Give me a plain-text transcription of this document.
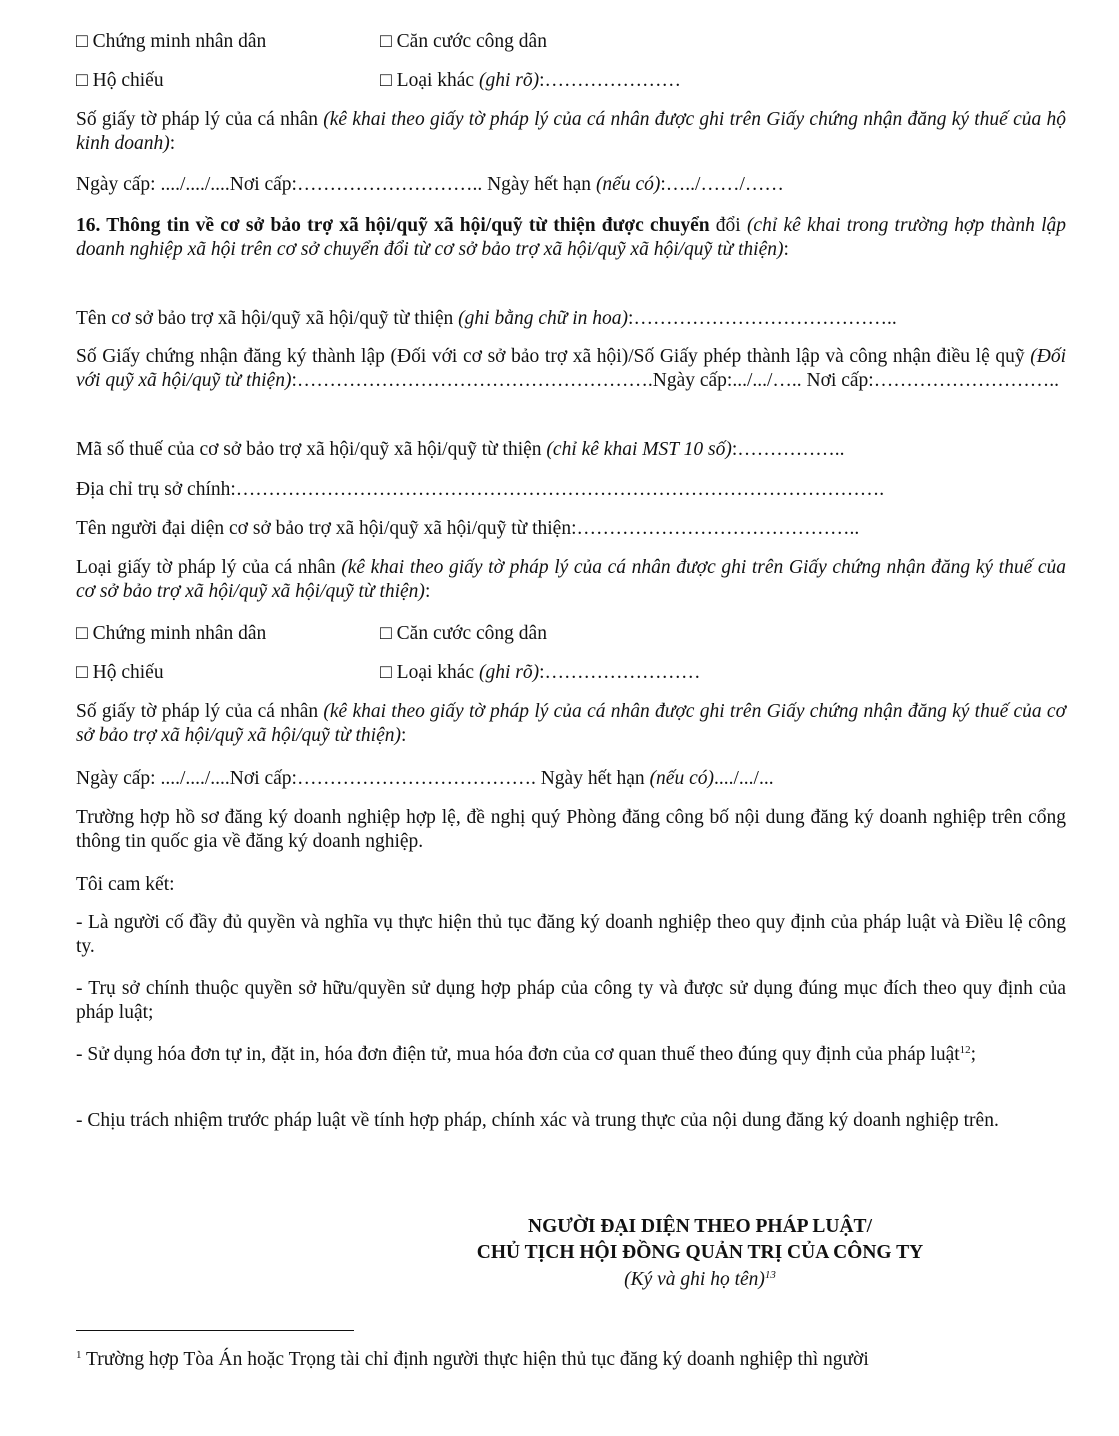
□ Chứng minh nhân dân	□ Căn cước công dân
□ Hộ chiếu	□ Loại khác (ghi rõ):…………………
Số giấy tờ pháp lý của cá nhân (kê khai theo giấy tờ pháp lý của cá nhân được ghi trên Giấy chứng nhận đăng ký thuế của hộ kinh doanh):
Ngày cấp: ..../..../....Nơi cấp:……………………….. Ngày hết hạn (nếu có):…../……/……
16. Thông tin về cơ sở bảo trợ xã hội/quỹ xã hội/quỹ từ thiện được chuyển đổi (chỉ kê khai trong trường hợp thành lập doanh nghiệp xã hội trên cơ sở chuyển đổi từ cơ sở bảo trợ xã hội/quỹ xã hội/quỹ từ thiện):
Tên cơ sở bảo trợ xã hội/quỹ xã hội/quỹ từ thiện (ghi bằng chữ in hoa):…………………………………..
Số Giấy chứng nhận đăng ký thành lập (Đối với cơ sở bảo trợ xã hội)/Số Giấy phép thành lập và công nhận điều lệ quỹ (Đối với quỹ xã hội/quỹ từ thiện):……………………………………………….Ngày cấp:.../.../….. Nơi cấp:………………………..
Mã số thuế của cơ sở bảo trợ xã hội/quỹ xã hội/quỹ từ thiện (chỉ kê khai MST 10 số):……………..
Địa chỉ trụ sở chính:……………………………………………………………………………………….
Tên người đại diện cơ sở bảo trợ xã hội/quỹ xã hội/quỹ từ thiện:……………………………………..
Loại giấy tờ pháp lý của cá nhân (kê khai theo giấy tờ pháp lý của cá nhân được ghi trên Giấy chứng nhận đăng ký thuế của cơ sở bảo trợ xã hội/quỹ xã hội/quỹ từ thiện):
□ Chứng minh nhân dân	□ Căn cước công dân
□ Hộ chiếu	□ Loại khác (ghi rõ):……………………
Số giấy tờ pháp lý của cá nhân (kê khai theo giấy tờ pháp lý của cá nhân được ghi trên Giấy chứng nhận đăng ký thuế của cơ sở bảo trợ xã hội/quỹ xã hội/quỹ từ thiện):
Ngày cấp: ..../..../....Nơi cấp:………………………………. Ngày hết hạn (nếu có)..../.../...
Trường hợp hồ sơ đăng ký doanh nghiệp hợp lệ, đề nghị quý Phòng đăng công bố nội dung đăng ký doanh nghiệp trên cổng thông tin quốc gia về đăng ký doanh nghiệp.
Tôi cam kết:
- Là người cố đầy đủ quyền và nghĩa vụ thực hiện thủ tục đăng ký doanh nghiệp theo quy định của pháp luật và Điều lệ công ty.
- Trụ sở chính thuộc quyền sở hữu/quyền sử dụng hợp pháp của công ty và được sử dụng đúng mục đích theo quy định của pháp luật;
- Sử dụng hóa đơn tự in, đặt in, hóa đơn điện tử, mua hóa đơn của cơ quan thuế theo đúng quy định của pháp luật$^{12}$;
- Chịu trách nhiệm trước pháp luật về tính hợp pháp, chính xác và trung thực của nội dung đăng ký doanh nghiệp trên.
NGƯỜI ĐẠI DIỆN THEO PHÁP LUẬT/
CHỦ TỊCH HỘI ĐỒNG QUẢN TRỊ CỦA CÔNG TY
(Ký và ghi họ tên)$^{13}$
$^1$ Trường hợp Tòa Án hoặc Trọng tài chỉ định người thực hiện thủ tục đăng ký doanh nghiệp thì người
